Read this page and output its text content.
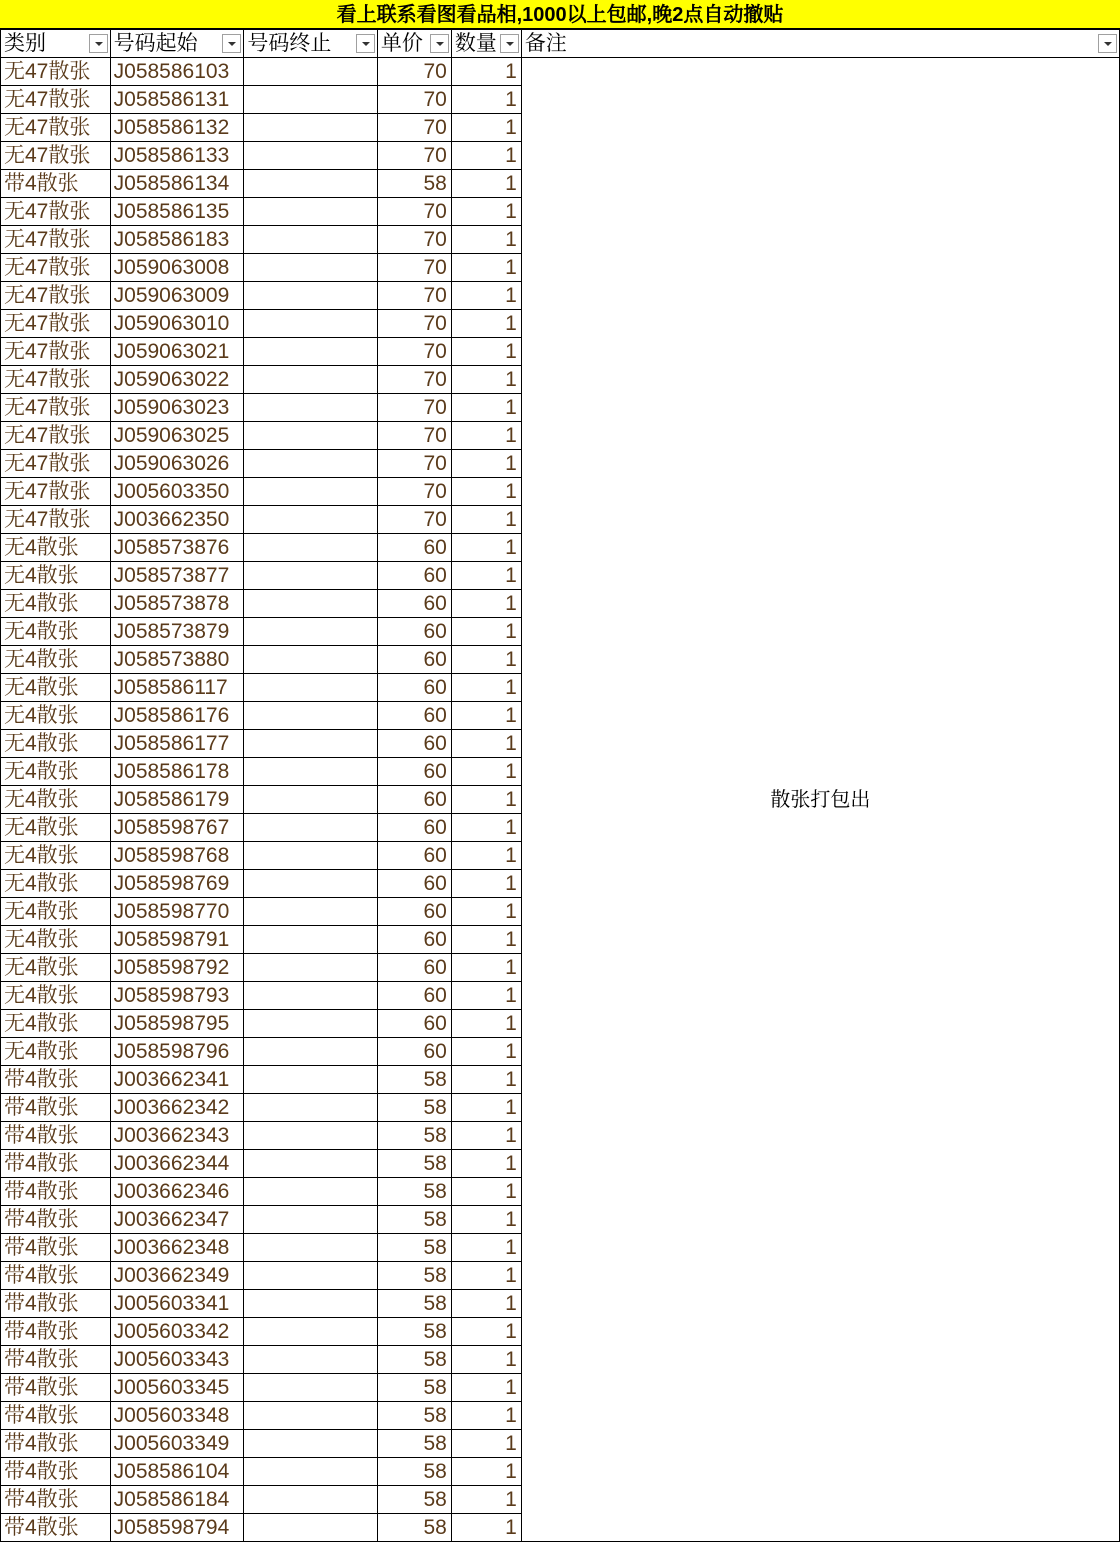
看上联系看图看品相,1000以上包邮,晚2点自动撤贴
类别	号码起始	号码终止	单价	数量	备注

无47散张	J058586103		70	1	散张打包出
无47散张	J058586131		70	1	
无47散张	J058586132		70	1	
无47散张	J058586133		70	1	
带4散张	J058586134		58	1	
无47散张	J058586135		70	1	
无47散张	J058586183		70	1	
无47散张	J059063008		70	1	
无47散张	J059063009		70	1	
无47散张	J059063010		70	1	
无47散张	J059063021		70	1	
无47散张	J059063022		70	1	
无47散张	J059063023		70	1	
无47散张	J059063025		70	1	
无47散张	J059063026		70	1	
无47散张	J005603350		70	1	
无47散张	J003662350		70	1	
无4散张	J058573876		60	1	
无4散张	J058573877		60	1	
无4散张	J058573878		60	1	
无4散张	J058573879		60	1	
无4散张	J058573880		60	1	
无4散张	J058586117		60	1	
无4散张	J058586176		60	1	
无4散张	J058586177		60	1	
无4散张	J058586178		60	1	
无4散张	J058586179		60	1	
无4散张	J058598767		60	1	
无4散张	J058598768		60	1	
无4散张	J058598769		60	1	
无4散张	J058598770		60	1	
无4散张	J058598791		60	1	
无4散张	J058598792		60	1	
无4散张	J058598793		60	1	
无4散张	J058598795		60	1	
无4散张	J058598796		60	1	
带4散张	J003662341		58	1	
带4散张	J003662342		58	1	
带4散张	J003662343		58	1	
带4散张	J003662344		58	1	
带4散张	J003662346		58	1	
带4散张	J003662347		58	1	
带4散张	J003662348		58	1	
带4散张	J003662349		58	1	
带4散张	J005603341		58	1	
带4散张	J005603342		58	1	
带4散张	J005603343		58	1	
带4散张	J005603345		58	1	
带4散张	J005603348		58	1	
带4散张	J005603349		58	1	
带4散张	J058586104		58	1	
带4散张	J058586184		58	1	
带4散张	J058598794		58	1	
